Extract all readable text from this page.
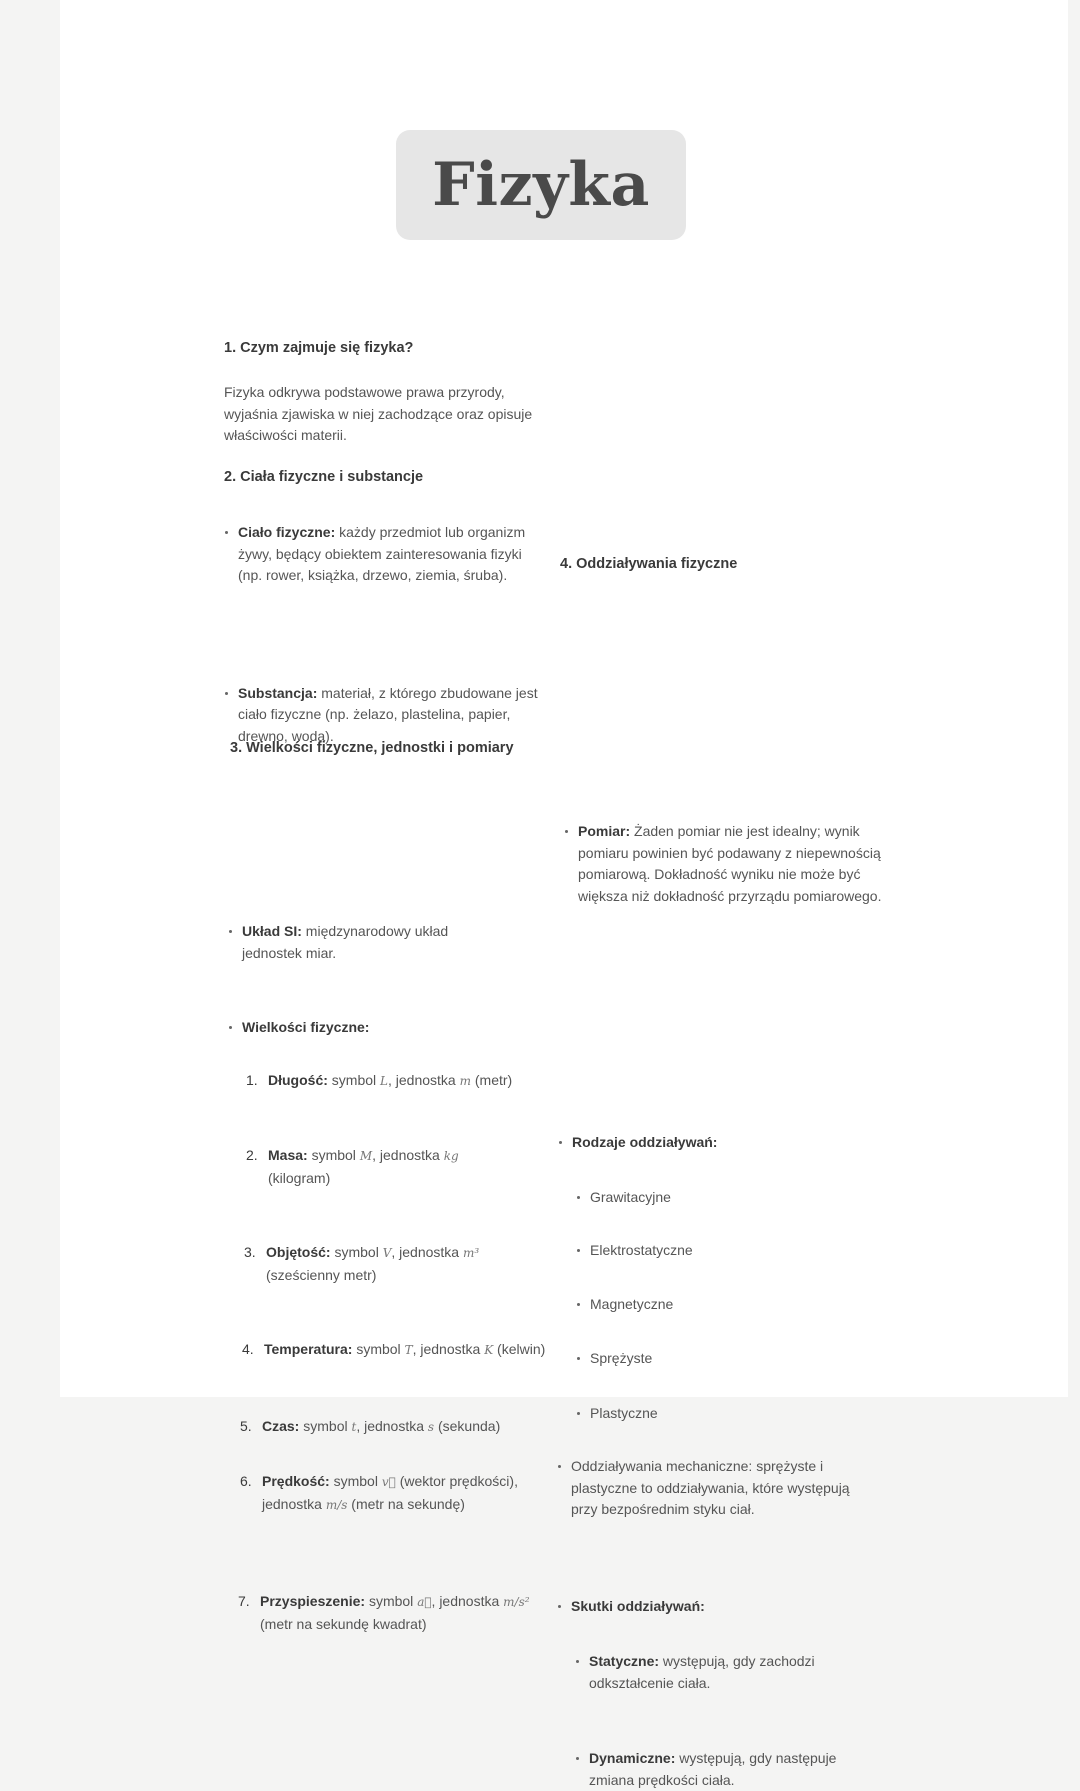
Fizyka
1. Czym zajmuje się fizyka?
Fizyka odkrywa podstawowe prawa przyrody, wyjaśnia zjawiska w niej zachodzące oraz opisuje właściwości materii.
2. Ciała fizyczne i substancje
Ciało fizyczne: każdy przedmiot lub organizm żywy, będący obiektem zainteresowania fizyki (np. rower, książka, drzewo, ziemia, śruba).
Substancja: materiał, z którego zbudowane jest ciało fizyczne (np. żelazo, plastelina, papier, drewno, woda).
3. Wielkości fizyczne, jednostki i pomiary
Układ SI: międzynarodowy układ jednostek miar.
Wielkości fizyczne:
1. Długość: symbol L, jednostka m (metr)
2. Masa: symbol M, jednostka kg (kilogram)
3. Objętość: symbol V, jednostka m³ (sześcienny metr)
4. Temperatura: symbol T, jednostka K (kelwin)
5. Czas: symbol t, jednostka s (sekunda)
6. Prędkość: symbol v⃗ (wektor prędkości), jednostka m/s (metr na sekundę)
7. Przyspieszenie: symbol a⃗, jednostka m/s² (metr na sekundę kwadrat)
Pomiar: Żaden pomiar nie jest idealny; wynik pomiaru powinien być podawany z niepewnością pomiarową. Dokładność wyniku nie może być większa niż dokładność przyrządu pomiarowego.
4. Oddziaływania fizyczne
Rodzaje oddziaływań:
Grawitacyjne
Elektrostatyczne
Magnetyczne
Sprężyste
Plastyczne
Oddziaływania mechaniczne: sprężyste i plastyczne to oddziaływania, które występują przy bezpośrednim styku ciał.
Skutki oddziaływań:
Statyczne: występują, gdy zachodzi odkształcenie ciała.
Dynamiczne: występują, gdy następuje zmiana prędkości ciała.
